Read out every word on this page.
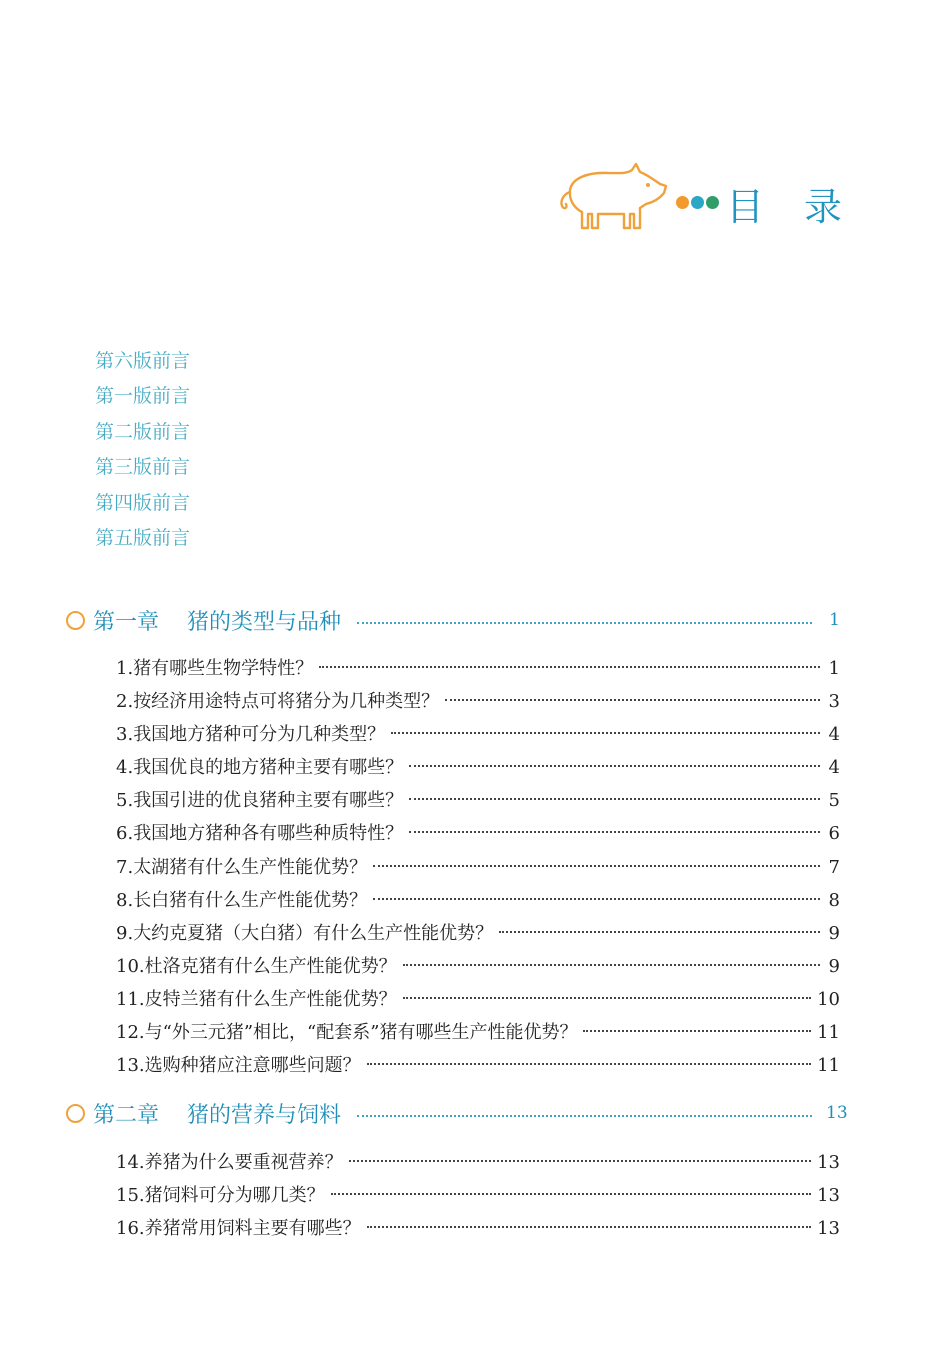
目录
第六版前言
第一版前言
第二版前言
第三版前言
第四版前言
第五版前言
第一章 猪的类型与品种	1
1. 猪有哪些生物学特性？	1
2. 按经济用途特点可将猪分为几种类型？	3
3. 我国地方猪种可分为几种类型？	4
4. 我国优良的地方猪种主要有哪些？	4
5. 我国引进的优良猪种主要有哪些？	5
6. 我国地方猪种各有哪些种质特性？	6
7. 太湖猪有什么生产性能优势？	7
8. 长白猪有什么生产性能优势？	8
9. 大约克夏猪（大白猪）有什么生产性能优势？	9
10. 杜洛克猪有什么生产性能优势？	9
11. 皮特兰猪有什么生产性能优势？	10
12. 与“外三元猪”相比，“配套系”猪有哪些生产性能优势？	11
13. 选购种猪应注意哪些问题？	11
第二章 猪的营养与饲料	13
14. 养猪为什么要重视营养？	13
15. 猪饲料可分为哪几类？	13
16. 养猪常用饲料主要有哪些？	13
